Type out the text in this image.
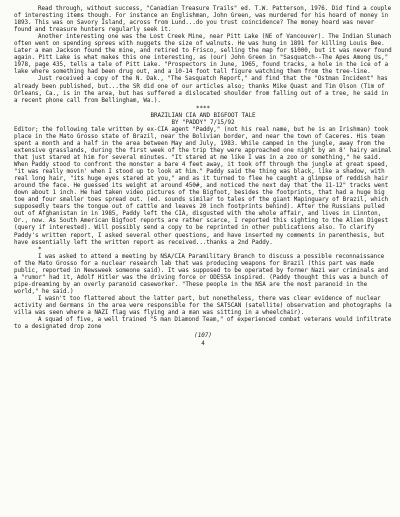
Read through, without success, "Canadian Treasure Trails" ed. T.W. Patterson, 1976. Did find a couple of interesting items though. For instance an Englishman, John Green, was murdered for his hoard of money in 1893. This was on Savory Island, across from Lund...do you trust coincidence? The money hoard was never found and treasure hunters regularly seek it.

Another interesting one was the Lost Creek Mine, near Pitt Lake (NE of Vancouver). The Indian Slumach often went on spending sprees with nuggets the size of walnuts. He was hung in 1891 for killing Louis Bee. Later a man Jackson found the mine, and retired to Frisco, selling the map for $1000, but it was never found again. Pitt Lake is what makes this one interesting, as (our) John Green in "Sasquatch--The Apes Among Us," 1978, page 435, tells a tale of Pitt Lake. "Prospectors in June, 1965, found tracks, a hole in the ice of a lake where something had been drug out, and a 10-14 foot tall figure watching them from the tree-line.

Just received a copy of the N. Dak., "The Sasquatch Report," and find that the "Ostman Incident" has already been published, but...the SR did one of our articles also; thanks Mike Quast and Tim Olson (Tim of Orleans, Ca., is in the area, but has suffered a dislocated shoulder from falling out of a tree, he said in a recent phone call from Bellingham, Wa.).

****

BRAZILIAN CIA AND BIGFOOT TALE

BY "PADDY" 7/15/92

Editor; the following tale written by ex-CIA agent "Paddy," (not his real name, but he is an Irishman) took place in the Mato Grosso state of Brazil, near the Bolivian border, and near the town of Caceres. His team spent a month and a half in the area between May and July, 1983. While camped in the jungle, away from the extensive grasslands, during the first week of the trip they were approached one night by an 8' hairy animal that just stared at him for several minutes. "It stared at me like I was in a zoo or something," he said. When Paddy stood to confront the monster a bare 4 feet away, it took off through the jungle at great speed, "it was really movin' when I stood up to look at him." Paddy said the thing was black, like a shadow, with real long hair, "its huge eyes stared at you," and as it turned to flee he caught a glimpse of reddish hair around the face. He guessed its weight at around 450#, and noticed the next day that the 11-12" tracks went down about 1 inch. He had taken video pictures of the Bigfoot, besides the footprints, that had a huge big toe and four smaller toes spread out. (ed. sounds similar to tales of the giant Mapinguary of Brazil, which supposedly tears the tongue out of cattle and leaves 20 inch footprints behind). After the Russians pulled out of Afghanistan in in 1985, Paddy left the CIA, disgusted with the whole affair, and lives in Linnton, Or., now. As South American Bigfoot reports are rather scarce, I reported this sighting to the Alien Digest (query if interested). Will possibly send a copy to be reprinted in other publications also. To clarify Paddy's written report, I asked several other questions, and have inserted my comments in parenthesis, but have essentially left the written report as received...thanks a 2nd Paddy.

*

I was asked to attend a meeting by NSA/CIA Paramilitary Branch to discuss a possible reconnaissance of the Mato Grosso for a nuclear research lab that was producing weapons for Brazil (this part was made public, reported in Newsweek someone said). It was supposed to be operated by former Nazi war criminals and a "rumor" had it, Adolf Hitler was the driving force or ODESSA inspired. (Paddy thought this was a bunch of pipe-dreaming by an overly paranoid caseworker. "These people in the NSA are the most paranoid in the world," he said.)

I wasn't too flattered about the latter part, but nonetheless, there was clear evidence of nuclear activity and Germans in the area were responsible for the SATSCAN (satellite) observation and photographs (a villa was seen where a NAZI flag was flying and a man was sitting in a wheelchair).

A squad of five, a well trained "5 man Diamond Team," of experienced combat veterans would infiltrate to a designated drop zone

(107)

4
